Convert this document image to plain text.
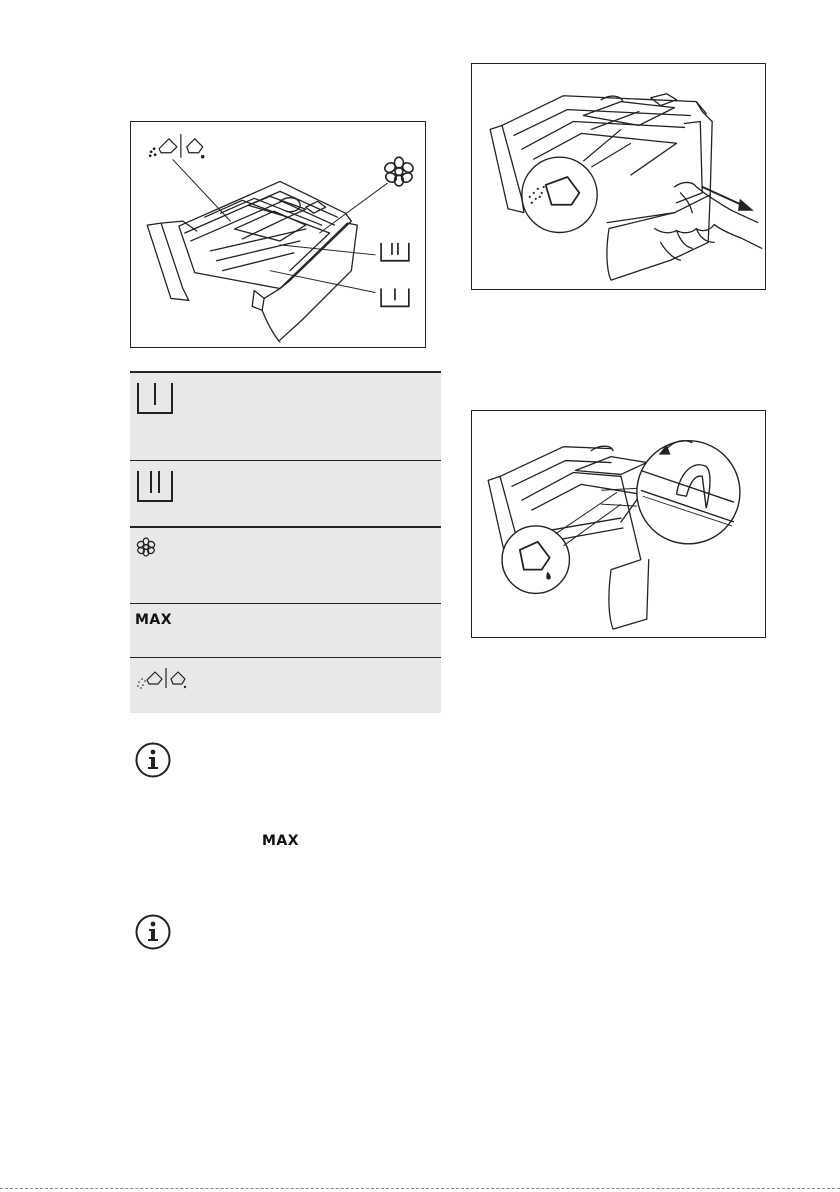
MAX
MAX
